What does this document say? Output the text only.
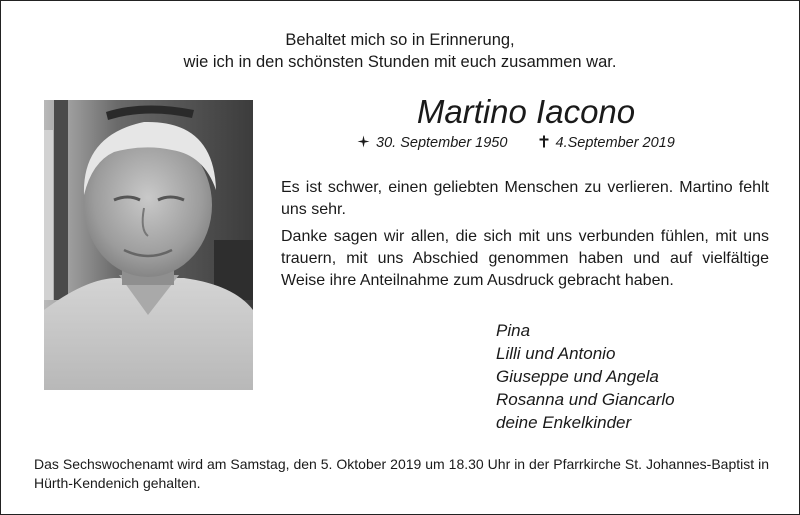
Behaltet mich so in Erinnerung,
wie ich in den schönsten Stunden mit euch zusammen war.
Martino Iacono
30. September 1950	4.September 2019

Es ist schwer, einen geliebten Menschen zu verlieren. Martino fehlt uns sehr.

Danke sagen wir allen, die sich mit uns verbunden fühlen, mit uns trauern, mit uns Abschied genommen haben und auf vielfältige Weise ihre Anteilnahme zum Ausdruck gebracht haben.

Pina
Lilli und Antonio
Giuseppe und Angela
Rosanna und Giancarlo
deine Enkelkinder
Das Sechswochenamt wird am Samstag, den 5. Oktober 2019 um 18.30 Uhr in der Pfarrkirche St. Johannes-Baptist in Hürth-Kendenich gehalten.
